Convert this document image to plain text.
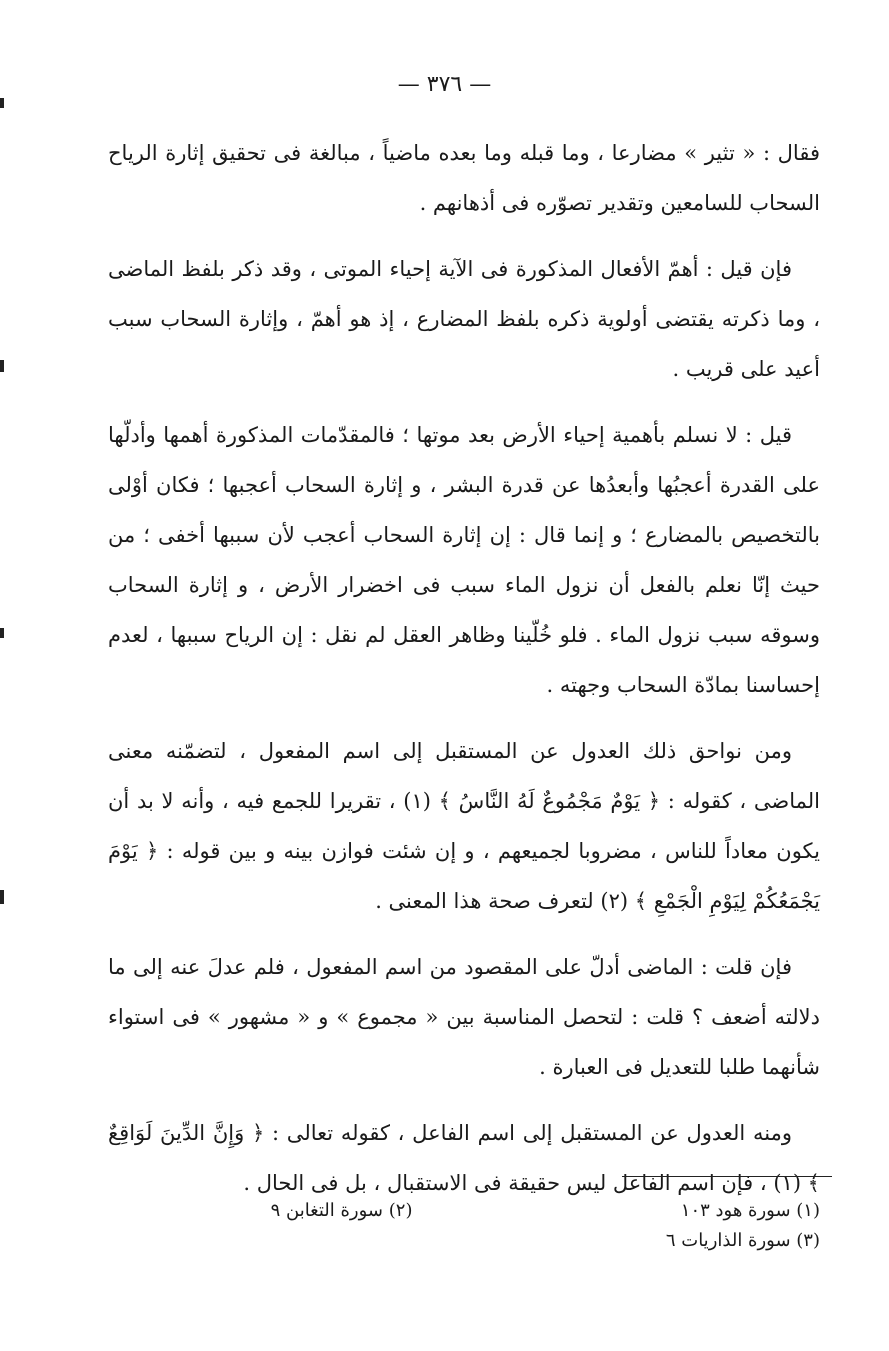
— ٣٧٦ —

فقال : « تثير » مضارعا ، وما قبله وما بعده ماضياً ، مبالغة فى تحقيق إثارة الرياح السحاب للسامعين وتقدير تصوّره فى أذهانهم .

فإن قيل : أهمّ الأفعال المذكورة فى الآية إحياء الموتى ، وقد ذكر بلفظ الماضى ، وما ذكرته يقتضى أولوية ذكره بلفظ المضارع ، إذ هو أهمّ ، وإثارة السحاب سبب أعيد على قريب .

قيل : لا نسلم بأهمية إحياء الأرض بعد موتها ؛ فالمقدّمات المذكورة أهمها وأدلّها على القدرة أعجبُها وأبعدُها عن قدرة البشر ، و إثارة السحاب أعجبها ؛ فكان أوْلى بالتخصيص بالمضارع ؛ و إنما قال : إن إثارة السحاب أعجب لأن سببها أخفى ؛ من حيث إنّا نعلم بالفعل أن نزول الماء سبب فى اخضرار الأرض ، و إثارة السحاب وسوقه سبب نزول الماء . فلو خُلّينا وظاهر العقل لم نقل : إن الرياح سببها ، لعدم إحساسنا بمادّة السحاب وجهته .

ومن نواحق ذلك العدول عن المستقبل إلى اسم المفعول ، لتضمّنه معنى الماضى ، كقوله : ﴿ يَوْمٌ مَجْمُوعٌ لَهُ النَّاسُ ﴾ (١) ، تقريرا للجمع فيه ، وأنه لا بد أن يكون معاداً للناس ، مضروبا لجميعهم ، و إن شئت فوازن بينه و بين قوله : ﴿ يَوْمَ يَجْمَعُكُمْ لِيَوْمِ الْجَمْعِ ﴾ (٢) لتعرف صحة هذا المعنى .

فإن قلت : الماضى أدلّ على المقصود من اسم المفعول ، فلم عدلَ عنه إلى ما دلالته أضعف ؟ قلت : لتحصل المناسبة بين « مجموع » و « مشهور » فى استواء شأنهما طلبا للتعديل فى العبارة .

ومنه العدول عن المستقبل إلى اسم الفاعل ، كقوله تعالى : ﴿ وَإِنَّ الدِّينَ لَوَاقِعٌ ﴾ (١) ، فإن اسم الفاعل ليس حقيقة فى الاستقبال ، بل فى الحال .

(١) سورة هود ١٠٣
(٢) سورة التغابن ٩
(٣) سورة الذاريات ٦
